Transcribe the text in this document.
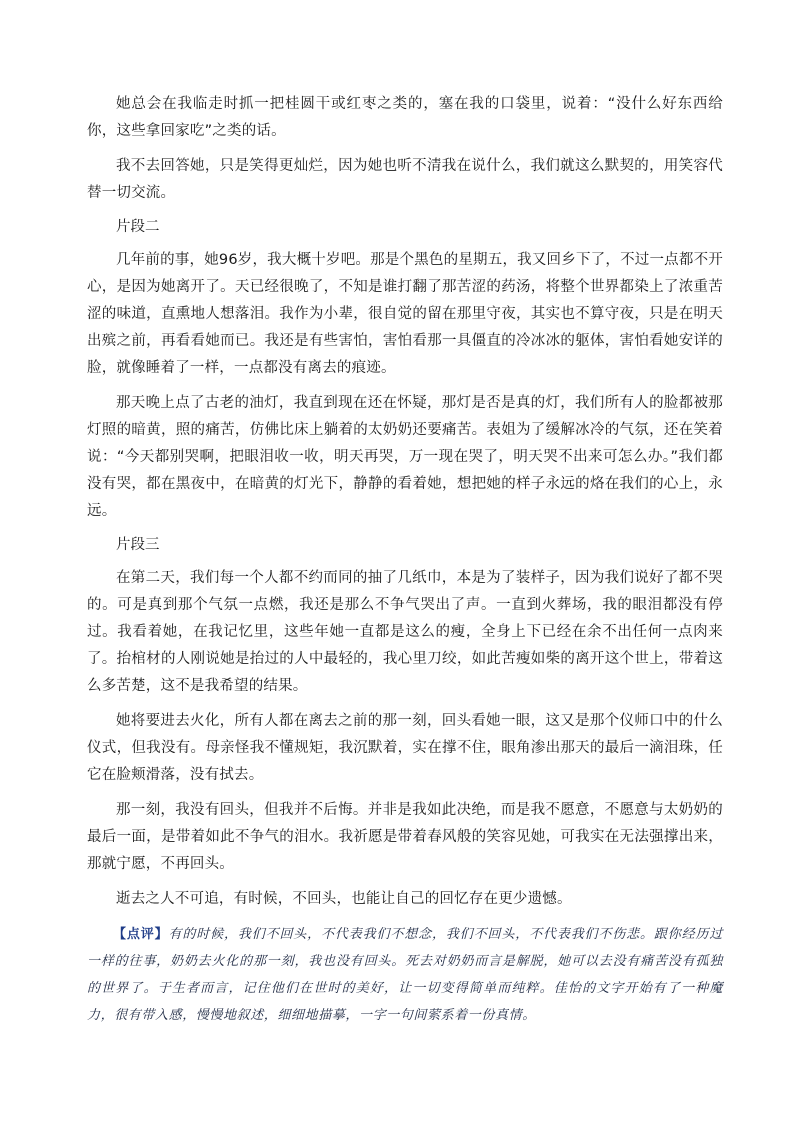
她总会在我临走时抓一把桂圆干或红枣之类的，塞在我的口袋里，说着：“没什么好东西给你，这些拿回家吃”之类的话。

我不去回答她，只是笑得更灿烂，因为她也听不清我在说什么，我们就这么默契的，用笑容代替一切交流。

片段二

几年前的事，她96岁，我大概十岁吧。那是个黑色的星期五，我又回乡下了，不过一点都不开心，是因为她离开了。天已经很晚了，不知是谁打翻了那苦涩的药汤，将整个世界都染上了浓重苦涩的味道，直熏地人想落泪。我作为小辈，很自觉的留在那里守夜，其实也不算守夜，只是在明天出殡之前，再看看她而已。我还是有些害怕，害怕看那一具僵直的冷冰冰的躯体，害怕看她安详的脸，就像睡着了一样，一点都没有离去的痕迹。

那天晚上点了古老的油灯，我直到现在还在怀疑，那灯是否是真的灯，我们所有人的脸都被那灯照的暗黄，照的痛苦，仿佛比床上躺着的太奶奶还要痛苦。表姐为了缓解冰冷的气氛，还在笑着说：“今天都别哭啊，把眼泪收一收，明天再哭，万一现在哭了，明天哭不出来可怎么办。”我们都没有哭，都在黑夜中，在暗黄的灯光下，静静的看着她，想把她的样子永远的烙在我们的心上，永远。

片段三

在第二天，我们每一个人都不约而同的抽了几纸巾，本是为了装样子，因为我们说好了都不哭的。可是真到那个气氛一点燃，我还是那么不争气哭出了声。一直到火葬场，我的眼泪都没有停过。我看着她，在我记忆里，这些年她一直都是这么的瘦，全身上下已经在余不出任何一点肉来了。抬棺材的人刚说她是抬过的人中最轻的，我心里刀绞，如此苦瘦如柴的离开这个世上，带着这么多苦楚，这不是我希望的结果。

她将要进去火化，所有人都在离去之前的那一刻，回头看她一眼，这又是那个仪师口中的什么仪式，但我没有。母亲怪我不懂规矩，我沉默着，实在撑不住，眼角渗出那天的最后一滴泪珠，任它在脸颊滑落，没有拭去。

那一刻，我没有回头，但我并不后悔。并非是我如此决绝，而是我不愿意，不愿意与太奶奶的最后一面，是带着如此不争气的泪水。我祈愿是带着春风般的笑容见她，可我实在无法强撑出来，那就宁愿，不再回头。

逝去之人不可追，有时候，不回头，也能让自己的回忆存在更少遗憾。

【点评】有的时候，我们不回头，不代表我们不想念，我们不回头，不代表我们不伤悲。跟你经历过一样的往事，奶奶去火化的那一刻，我也没有回头。死去对奶奶而言是解脱，她可以去没有痛苦没有孤独的世界了。于生者而言，记住他们在世时的美好，让一切变得简单而纯粹。佳怡的文字开始有了一种魔力，很有带入感，慢慢地叙述，细细地描摹，一字一句间萦系着一份真情。
